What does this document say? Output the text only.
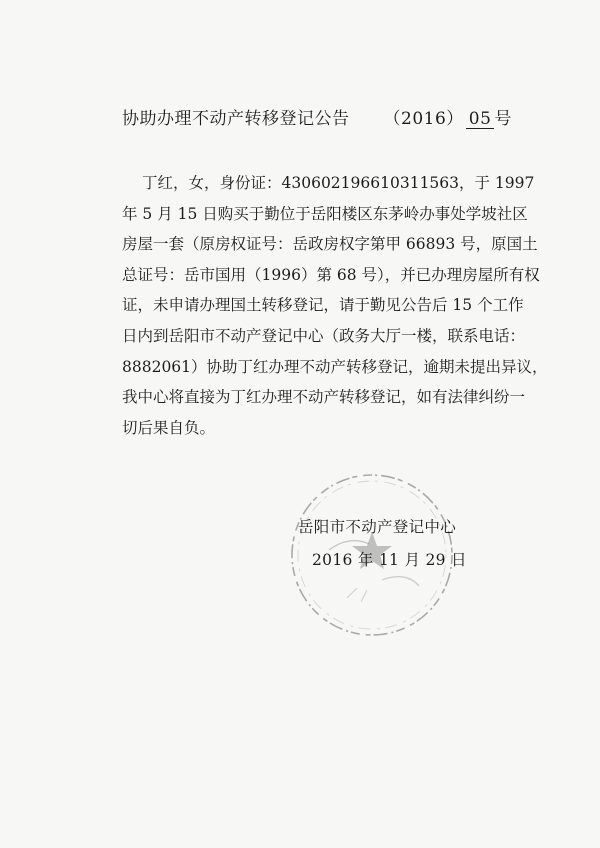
协助办理不动产转移登记公告 （2016） 05 号
丁红，女，身份证：430602196610311563，于 1997
年 5 月 15 日购买于勤位于岳阳楼区东茅岭办事处学坡社区
房屋一套（原房权证号：岳政房权字第甲 66893 号，原国土
总证号：岳市国用（1996）第 68 号），并已办理房屋所有权
证，未申请办理国土转移登记，请于勤见公告后 15 个工作
日内到岳阳市不动产登记中心（政务大厅一楼，联系电话：
8882061）协助丁红办理不动产转移登记，逾期未提出异议，
我中心将直接为丁红办理不动产转移登记，如有法律纠纷一
切后果自负。
岳阳市不动产登记中心
2016 年 11 月 29 日
